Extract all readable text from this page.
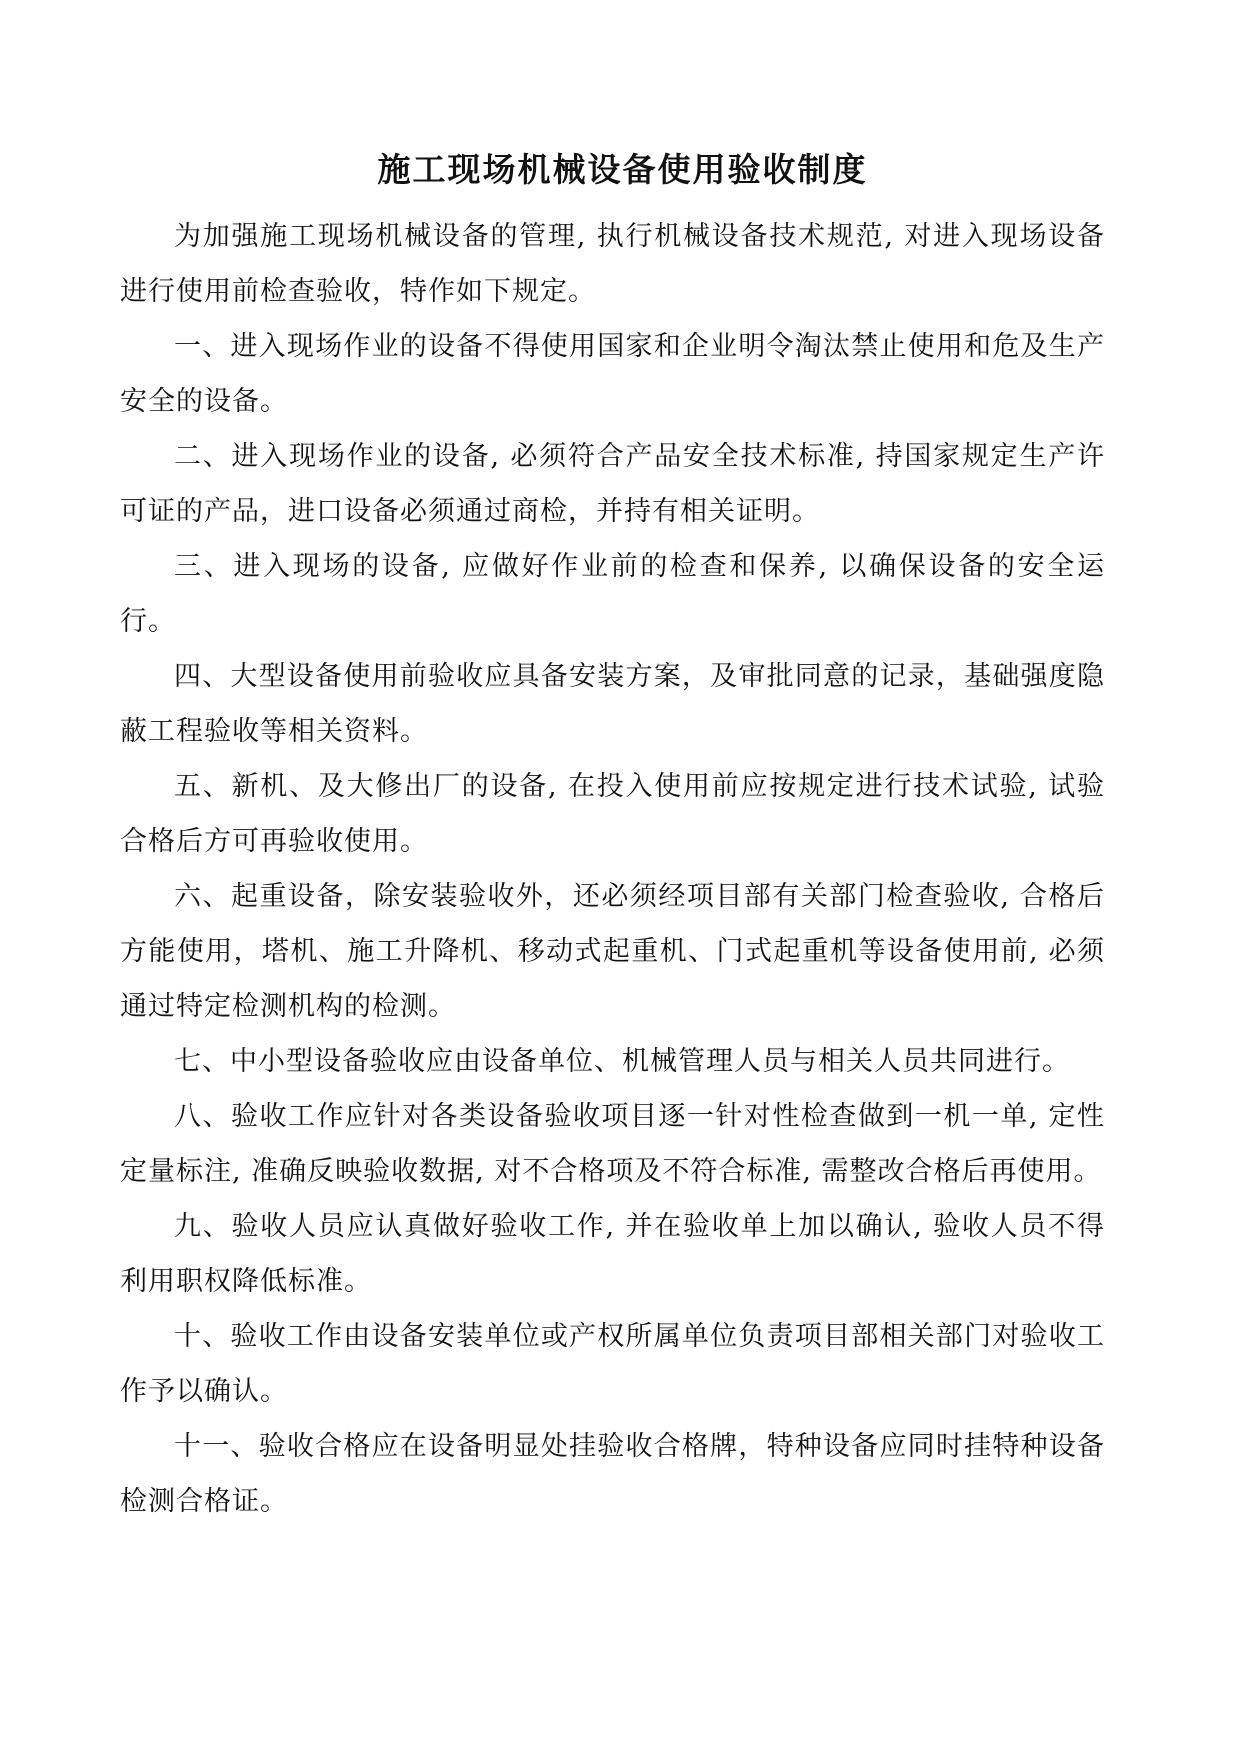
施工现场机械设备使用验收制度

为加强施工现场机械设备的管理, 执行机械设备技术规范, 对进入现场设备进行使用前检查验收，特作如下规定。

一、进入现场作业的设备不得使用国家和企业明令淘汰禁止使用和危及生产安全的设备。

二、进入现场作业的设备, 必须符合产品安全技术标准, 持国家规定生产许可证的产品，进口设备必须通过商检，并持有相关证明。

三、进入现场的设备, 应做好作业前的检查和保养, 以确保设备的安全运行。

四、大型设备使用前验收应具备安装方案，及审批同意的记录，基础强度隐蔽工程验收等相关资料。

五、新机、及大修出厂的设备, 在投入使用前应按规定进行技术试验, 试验合格后方可再验收使用。

六、起重设备，除安装验收外，还必须经项目部有关部门检查验收, 合格后方能使用，塔机、施工升降机、移动式起重机、门式起重机等设备使用前, 必须通过特定检测机构的检测。

七、中小型设备验收应由设备单位、机械管理人员与相关人员共同进行。

八、验收工作应针对各类设备验收项目逐一针对性检查做到一机一单, 定性定量标注, 准确反映验收数据, 对不合格项及不符合标准, 需整改合格后再使用。

九、验收人员应认真做好验收工作, 并在验收单上加以确认, 验收人员不得利用职权降低标准。

十、验收工作由设备安装单位或产权所属单位负责项目部相关部门对验收工作予以确认。

十一、验收合格应在设备明显处挂验收合格牌，特种设备应同时挂特种设备检测合格证。
